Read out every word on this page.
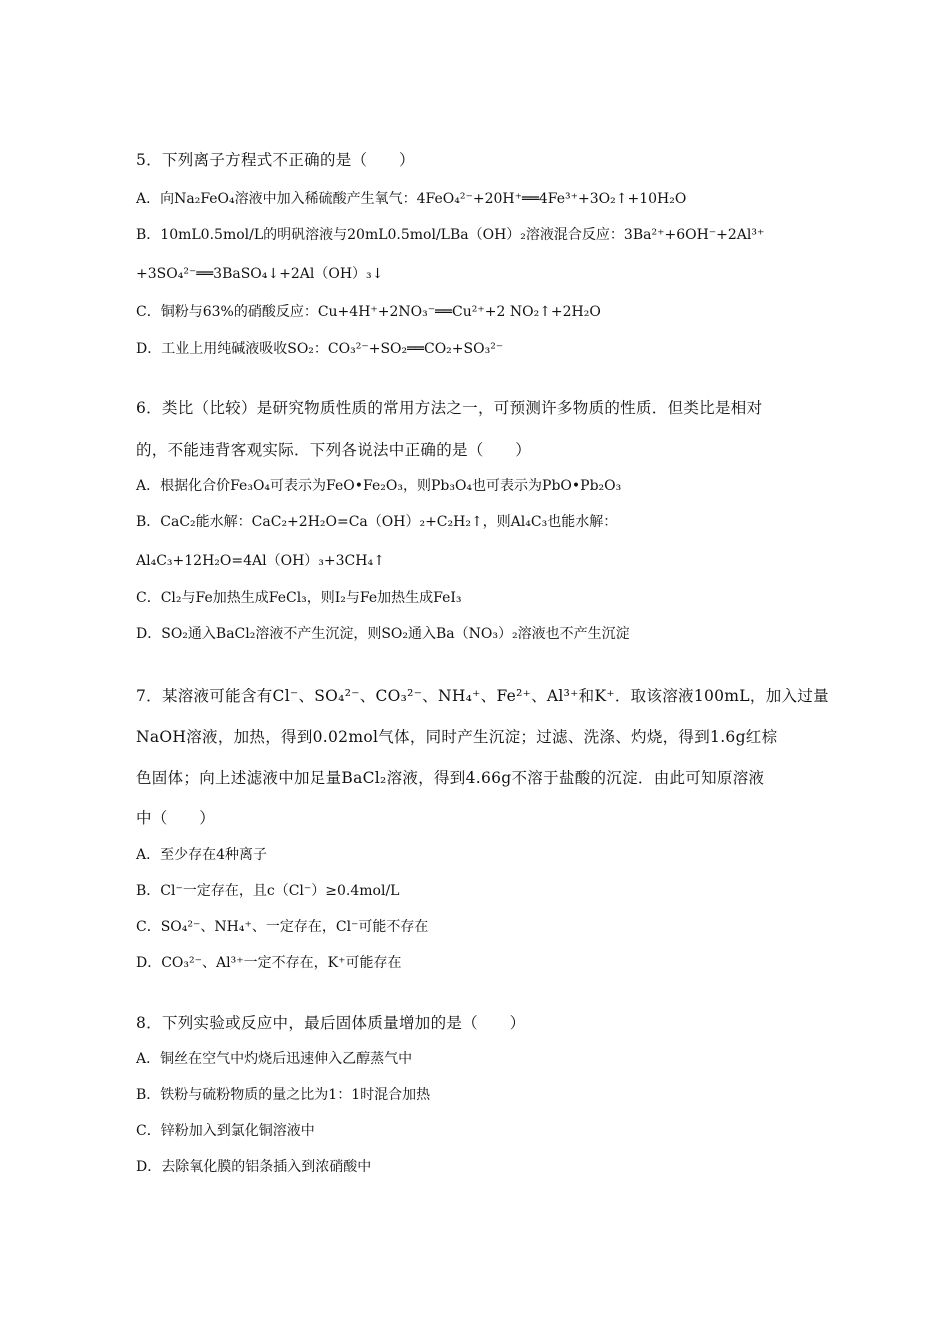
5．下列离子方程式不正确的是（　　）
A．向Na₂FeO₄溶液中加入稀硫酸产生氧气：4FeO₄²⁻+20H⁺══4Fe³⁺+3O₂↑+10H₂O
B．10mL0.5mol/L的明矾溶液与20mL0.5mol/LBa（OH）₂溶液混合反应：3Ba²⁺+6OH⁻+2Al³⁺
+3SO₄²⁻══3BaSO₄↓+2Al（OH）₃↓
C．铜粉与63%的硝酸反应：Cu+4H⁺+2NO₃⁻══Cu²⁺+2 NO₂↑+2H₂O
D．工业上用纯碱液吸收SO₂：CO₃²⁻+SO₂══CO₂+SO₃²⁻
6．类比（比较）是研究物质性质的常用方法之一，可预测许多物质的性质．但类比是相对
的，不能违背客观实际．下列各说法中正确的是（　　）
A．根据化合价Fe₃O₄可表示为FeO•Fe₂O₃，则Pb₃O₄也可表示为PbO•Pb₂O₃
B．CaC₂能水解：CaC₂+2H₂O=Ca（OH）₂+C₂H₂↑，则Al₄C₃也能水解：
Al₄C₃+12H₂O=4Al（OH）₃+3CH₄↑
C．Cl₂与Fe加热生成FeCl₃，则I₂与Fe加热生成FeI₃
D．SO₂通入BaCl₂溶液不产生沉淀，则SO₂通入Ba（NO₃）₂溶液也不产生沉淀
7．某溶液可能含有Cl⁻、SO₄²⁻、CO₃²⁻、NH₄⁺、Fe²⁺、Al³⁺和K⁺．取该溶液100mL，加入过量
NaOH溶液，加热，得到0.02mol气体，同时产生沉淀；过滤、洗涤、灼烧，得到1.6g红棕
色固体；向上述滤液中加足量BaCl₂溶液，得到4.66g不溶于盐酸的沉淀．由此可知原溶液
中（　　）
A．至少存在4种离子
B．Cl⁻一定存在，且c（Cl⁻）≥0.4mol/L
C．SO₄²⁻、NH₄⁺、一定存在，Cl⁻可能不存在
D．CO₃²⁻、Al³⁺一定不存在，K⁺可能存在
8．下列实验或反应中，最后固体质量增加的是（　　）
A．铜丝在空气中灼烧后迅速伸入乙醇蒸气中
B．铁粉与硫粉物质的量之比为1：1时混合加热
C．锌粉加入到氯化铜溶液中
D．去除氧化膜的铝条插入到浓硝酸中
